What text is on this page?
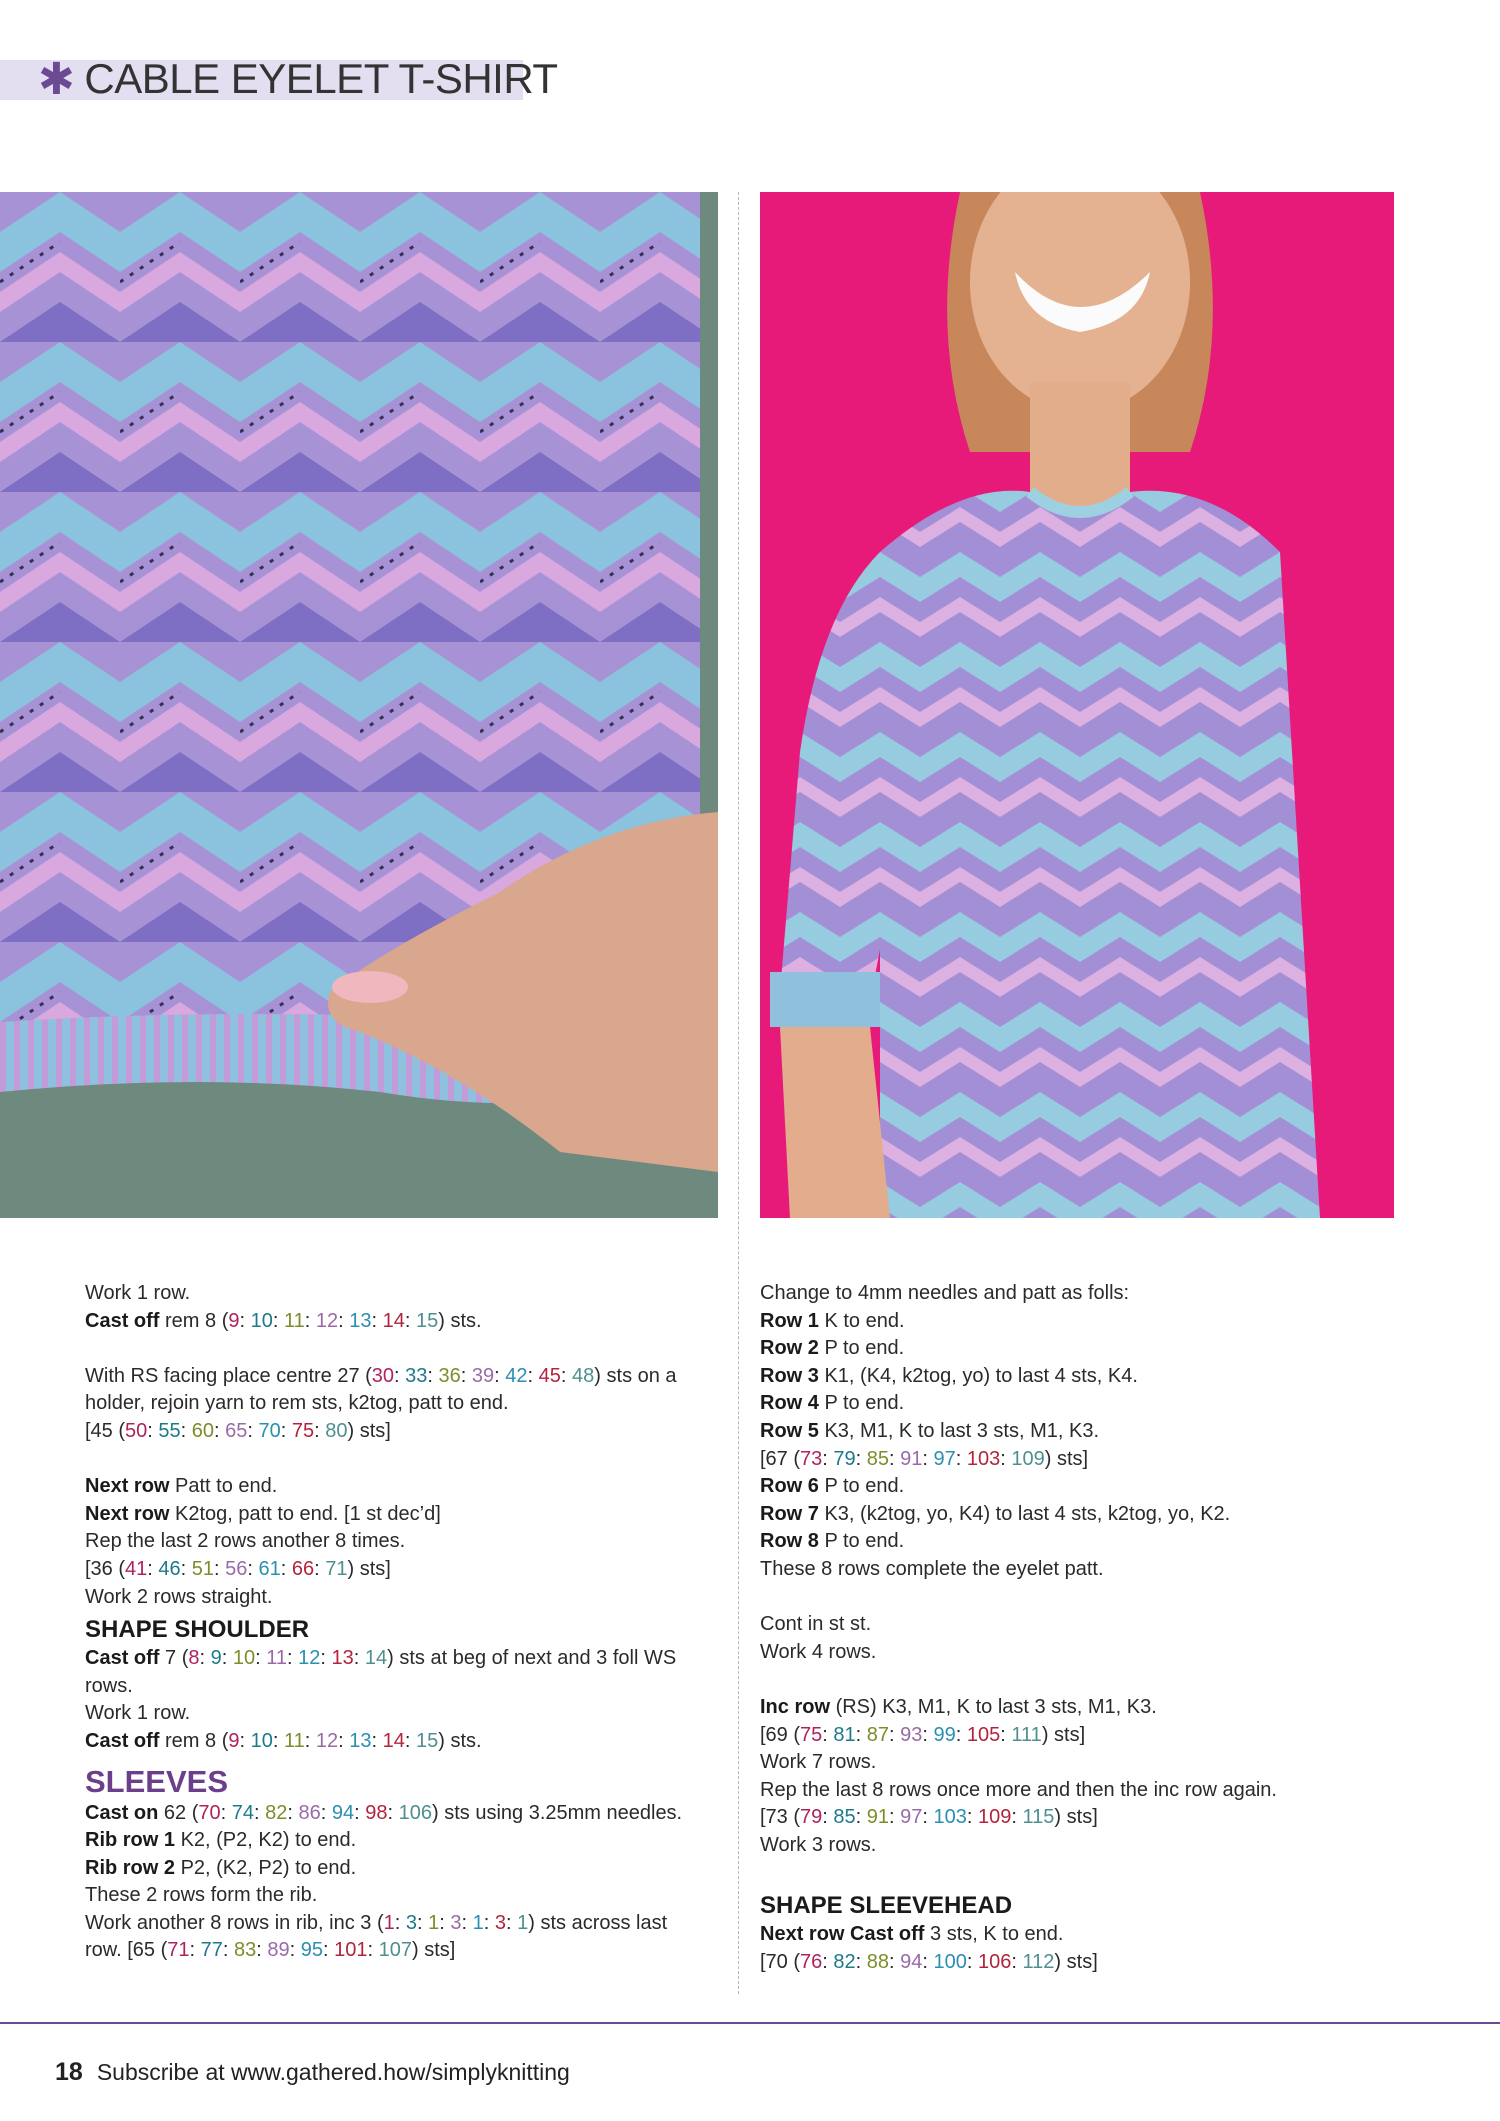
✱ CABLE EYELET T-SHIRT
Work 1 row.
Cast off rem 8 (9: 10: 11: 12: 13: 14: 15) sts.
With RS facing place centre 27 (30: 33: 36: 39: 42: 45: 48) sts on a
holder, rejoin yarn to rem sts, k2tog, patt to end.
[45 (50: 55: 60: 65: 70: 75: 80) sts]
Next row Patt to end.
Next row K2tog, patt to end. [1 st dec’d]
Rep the last 2 rows another 8 times.
[36 (41: 46: 51: 56: 61: 66: 71) sts]
Work 2 rows straight.
SHAPE SHOULDER
Cast off 7 (8: 9: 10: 11: 12: 13: 14) sts at beg of next and 3 foll WS
rows.
Work 1 row.
Cast off rem 8 (9: 10: 11: 12: 13: 14: 15) sts.
SLEEVES
Cast on 62 (70: 74: 82: 86: 94: 98: 106) sts using 3.25mm needles.
Rib row 1 K2, (P2, K2) to end.
Rib row 2 P2, (K2, P2) to end.
These 2 rows form the rib.
Work another 8 rows in rib, inc 3 (1: 3: 1: 3: 1: 3: 1) sts across last
row. [65 (71: 77: 83: 89: 95: 101: 107) sts]
Change to 4mm needles and patt as folls:
Row 1 K to end.
Row 2 P to end.
Row 3 K1, (K4, k2tog, yo) to last 4 sts, K4.
Row 4 P to end.
Row 5 K3, M1, K to last 3 sts, M1, K3.
[67 (73: 79: 85: 91: 97: 103: 109) sts]
Row 6 P to end.
Row 7 K3, (k2tog, yo, K4) to last 4 sts, k2tog, yo, K2.
Row 8 P to end.
These 8 rows complete the eyelet patt.
Cont in st st.
Work 4 rows.
Inc row (RS) K3, M1, K to last 3 sts, M1, K3.
[69 (75: 81: 87: 93: 99: 105: 111) sts]
Work 7 rows.
Rep the last 8 rows once more and then the inc row again.
[73 (79: 85: 91: 97: 103: 109: 115) sts]
Work 3 rows.
SHAPE SLEEVEHEAD
Next row Cast off 3 sts, K to end.
[70 (76: 82: 88: 94: 100: 106: 112) sts]
18 Subscribe at www.gathered.how/simplyknitting
